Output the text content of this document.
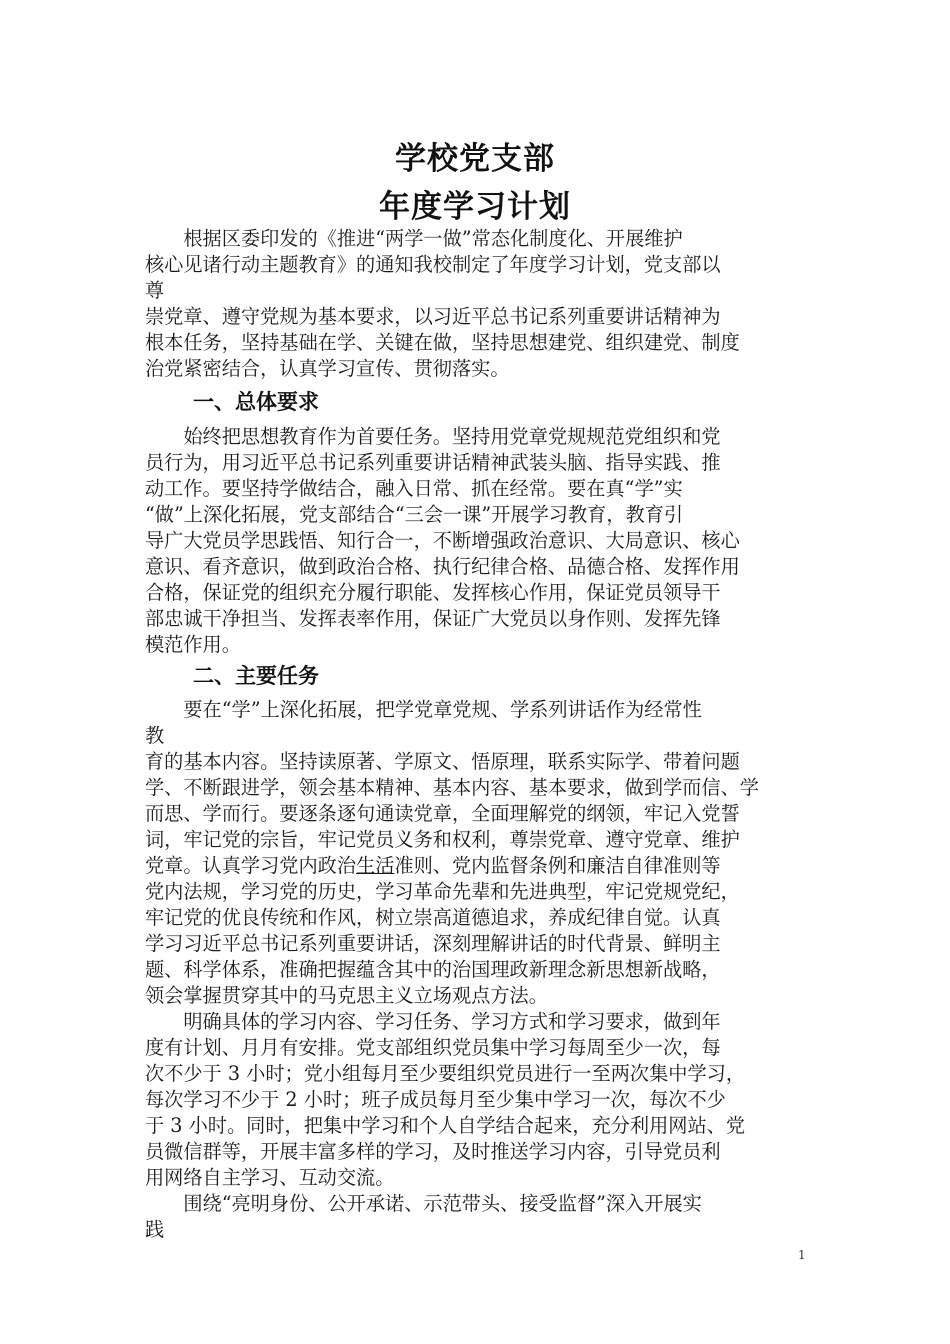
学校党支部
年度学习计划
　　根据区委印发的《推进“两学一做”常态化制度化、开展维护
核心见诸行动主题教育》的通知我校制定了年度学习计划，党支部以
尊
崇党章、遵守党规为基本要求，以习近平总书记系列重要讲话精神为
根本任务，坚持基础在学、关键在做，坚持思想建党、组织建党、制度
治党紧密结合，认真学习宣传、贯彻落实。
一、总体要求
　　始终把思想教育作为首要任务。坚持用党章党规规范党组织和党
员行为，用习近平总书记系列重要讲话精神武装头脑、指导实践、推
动工作。要坚持学做结合，融入日常、抓在经常。要在真“学”实
“做”上深化拓展，党支部结合“三会一课”开展学习教育，教育引
导广大党员学思践悟、知行合一，不断增强政治意识、大局意识、核心
意识、看齐意识，做到政治合格、执行纪律合格、品德合格、发挥作用
合格，保证党的组织充分履行职能、发挥核心作用，保证党员领导干
部忠诚干净担当、发挥表率作用，保证广大党员以身作则、发挥先锋
模范作用。
二、主要任务
　　要在“学”上深化拓展，把学党章党规、学系列讲话作为经常性
教
育的基本内容。坚持读原著、学原文、悟原理，联系实际学、带着问题
学、不断跟进学，领会基本精神、基本内容、基本要求，做到学而信、学
而思、学而行。要逐条逐句通读党章，全面理解党的纲领，牢记入党誓
词，牢记党的宗旨，牢记党员义务和权利，尊崇党章、遵守党章、维护
党章。认真学习党内政治生活准则、党内监督条例和廉洁自律准则等
党内法规，学习党的历史，学习革命先辈和先进典型，牢记党规党纪，
牢记党的优良传统和作风，树立崇高道德追求，养成纪律自觉。认真
学习习近平总书记系列重要讲话，深刻理解讲话的时代背景、鲜明主
题、科学体系，准确把握蕴含其中的治国理政新理念新思想新战略，
领会掌握贯穿其中的马克思主义立场观点方法。
　　明确具体的学习内容、学习任务、学习方式和学习要求，做到年
度有计划、月月有安排。党支部组织党员集中学习每周至少一次，每
次不少于 3 小时；党小组每月至少要组织党员进行一至两次集中学习，
每次学习不少于 2 小时；班子成员每月至少集中学习一次，每次不少
于 3 小时。同时，把集中学习和个人自学结合起来，充分利用网站、党
员微信群等，开展丰富多样的学习，及时推送学习内容，引导党员利
用网络自主学习、互动交流。
　　围绕“亮明身份、公开承诺、示范带头、接受监督”深入开展实
践
1
